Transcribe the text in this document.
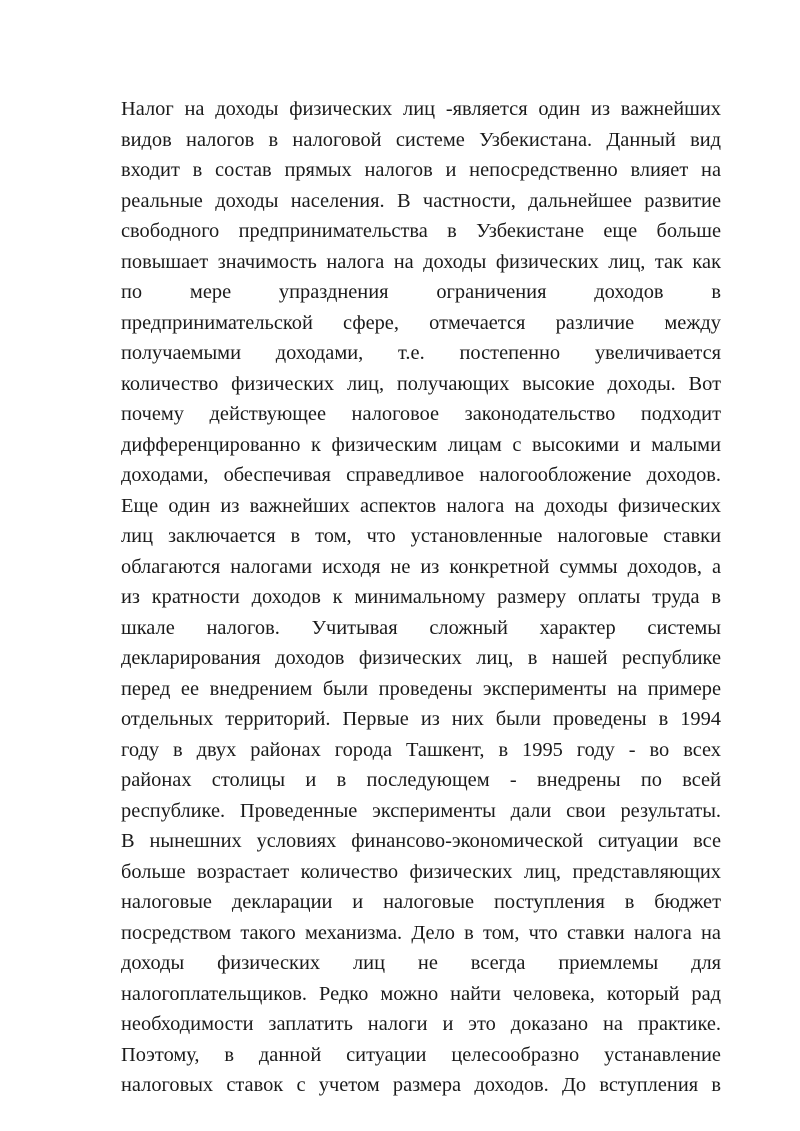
Налог на доходы физических лиц -является один из важнейших
видов налогов в налоговой системе Узбекистана. Данный вид
входит в состав прямых налогов и непосредственно влияет на
реальные доходы населения. В частности, дальнейшее развитие
свободного предпринимательства в Узбекистане еще больше
повышает значимость налога на доходы физических лиц, так как
по мере упразднения ограничения доходов в
предпринимательской сфере, отмечается различие между
получаемыми доходами, т.е. постепенно увеличивается
количество физических лиц, получающих высокие доходы. Вот
почему действующее налоговое законодательство подходит
дифференцированно к физическим лицам с высокими и малыми
доходами, обеспечивая справедливое налогообложение доходов.
Еще один из важнейших аспектов налога на доходы физических
лиц заключается в том, что установленные налоговые ставки
облагаются налогами исходя не из конкретной суммы доходов, а
из кратности доходов к минимальному размеру оплаты труда в
шкале налогов. Учитывая сложный характер системы
декларирования доходов физических лиц, в нашей республике
перед ее внедрением были проведены эксперименты на примере
отдельных территорий. Первые из них были проведены в 1994
году в двух районах города Ташкент, в 1995 году - во всех
районах столицы и в последующем - внедрены по всей
республике. Проведенные эксперименты дали свои результаты.
В нынешних условиях финансово-экономической ситуации все
больше возрастает количество физических лиц, представляющих
налоговые декларации и налоговые поступления в бюджет
посредством такого механизма. Дело в том, что ставки налога на
доходы физических лиц не всегда приемлемы для
налогоплательщиков. Редко можно найти человека, который рад
необходимости заплатить налоги и это доказано на практике.
Поэтому, в данной ситуации целесообразно устанавление
налоговых ставок с учетом размера доходов. До вступления в
